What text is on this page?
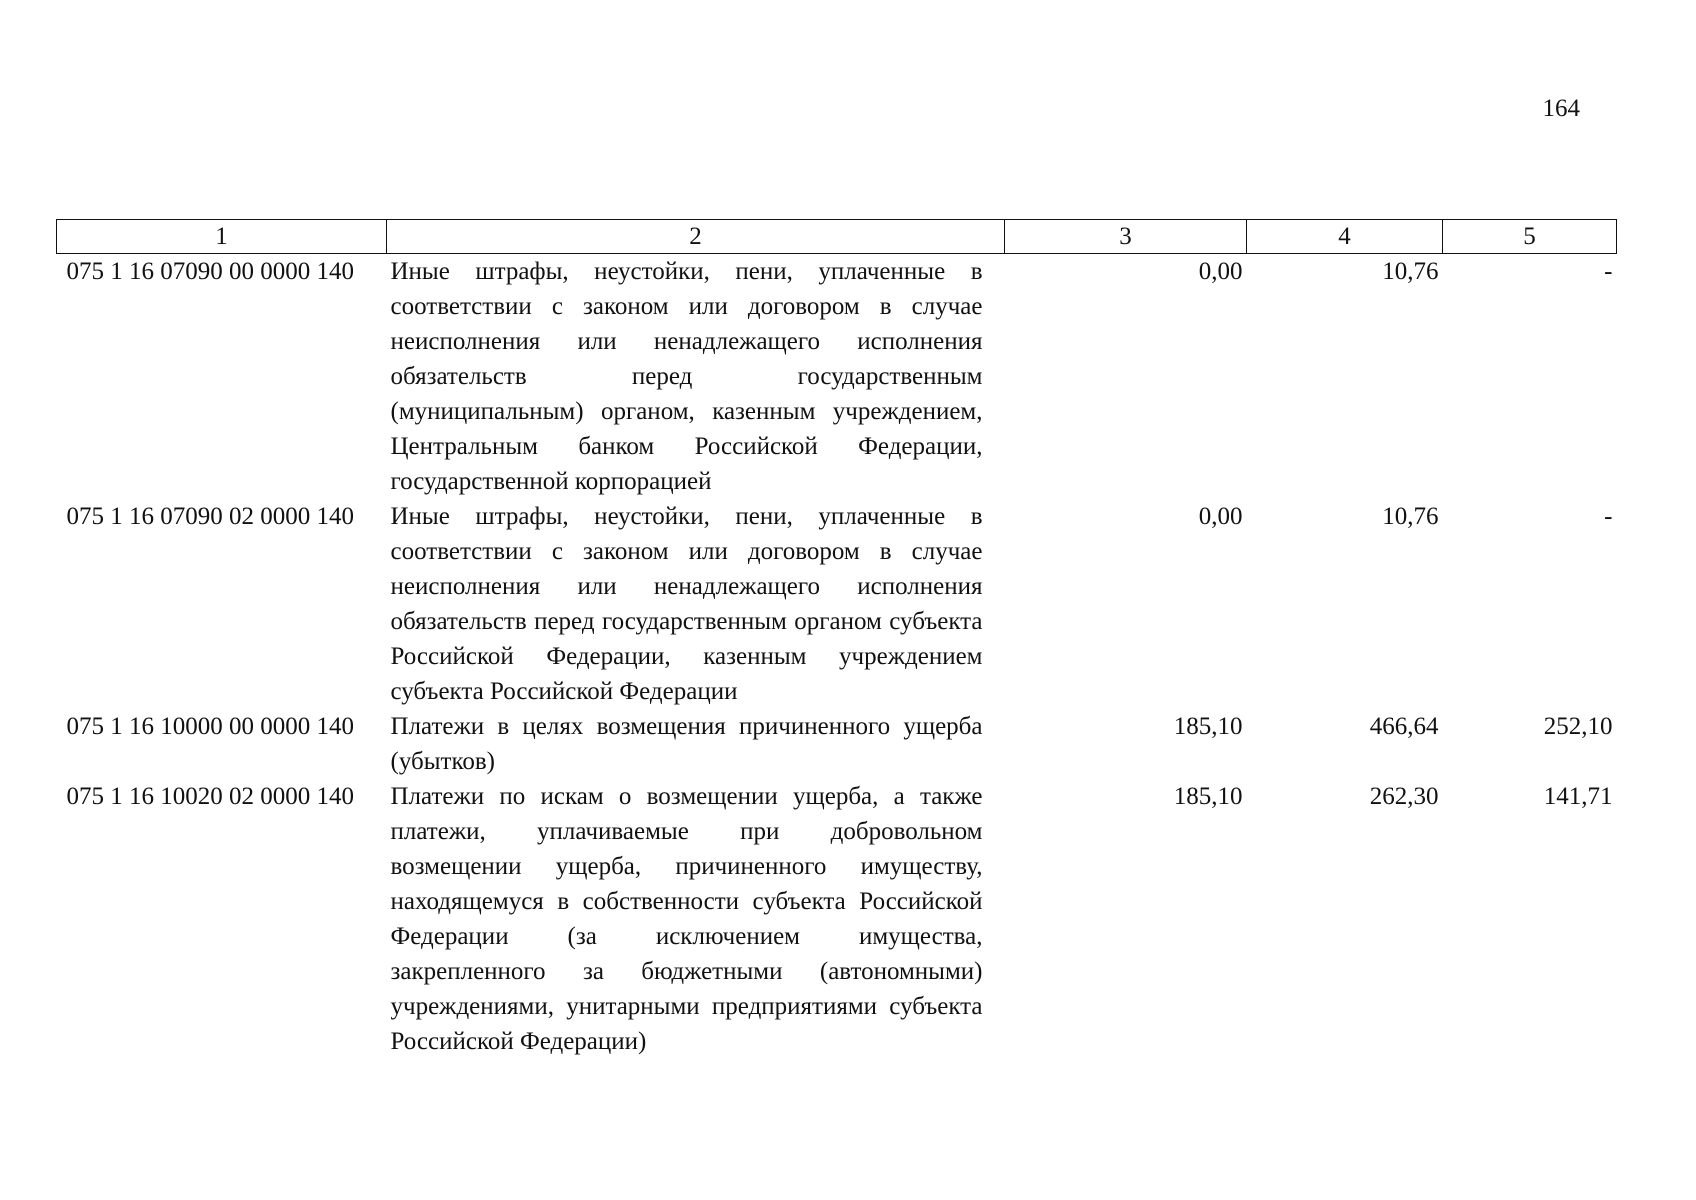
164
1	2	3	4	5
075 1 16 07090 00 0000 140	Иные штрафы, неустойки, пени, уплаченные в соответствии с законом или договором в случае неисполнения или ненадлежащего исполнения обязательств перед государственным (муниципальным) органом, казенным учреждением, Центральным банком Российской Федерации, государственной корпорацией	0,00	10,76	-
075 1 16 07090 02 0000 140	Иные штрафы, неустойки, пени, уплаченные в соответствии с законом или договором в случае неисполнения или ненадлежащего исполнения обязательств перед государственным органом субъекта Российской Федерации, казенным учреждением субъекта Российской Федерации	0,00	10,76	-
075 1 16 10000 00 0000 140	Платежи в целях возмещения причиненного ущерба (убытков)	185,10	466,64	252,10
075 1 16 10020 02 0000 140	Платежи по искам о возмещении ущерба, а также платежи, уплачиваемые при добровольном возмещении ущерба, причиненного имуществу, находящемуся в собственности субъекта Российской Федерации (за исключением имущества, закрепленного за бюджетными (автономными) учреждениями, унитарными предприятиями субъекта Российской Федерации)	185,10	262,30	141,71
